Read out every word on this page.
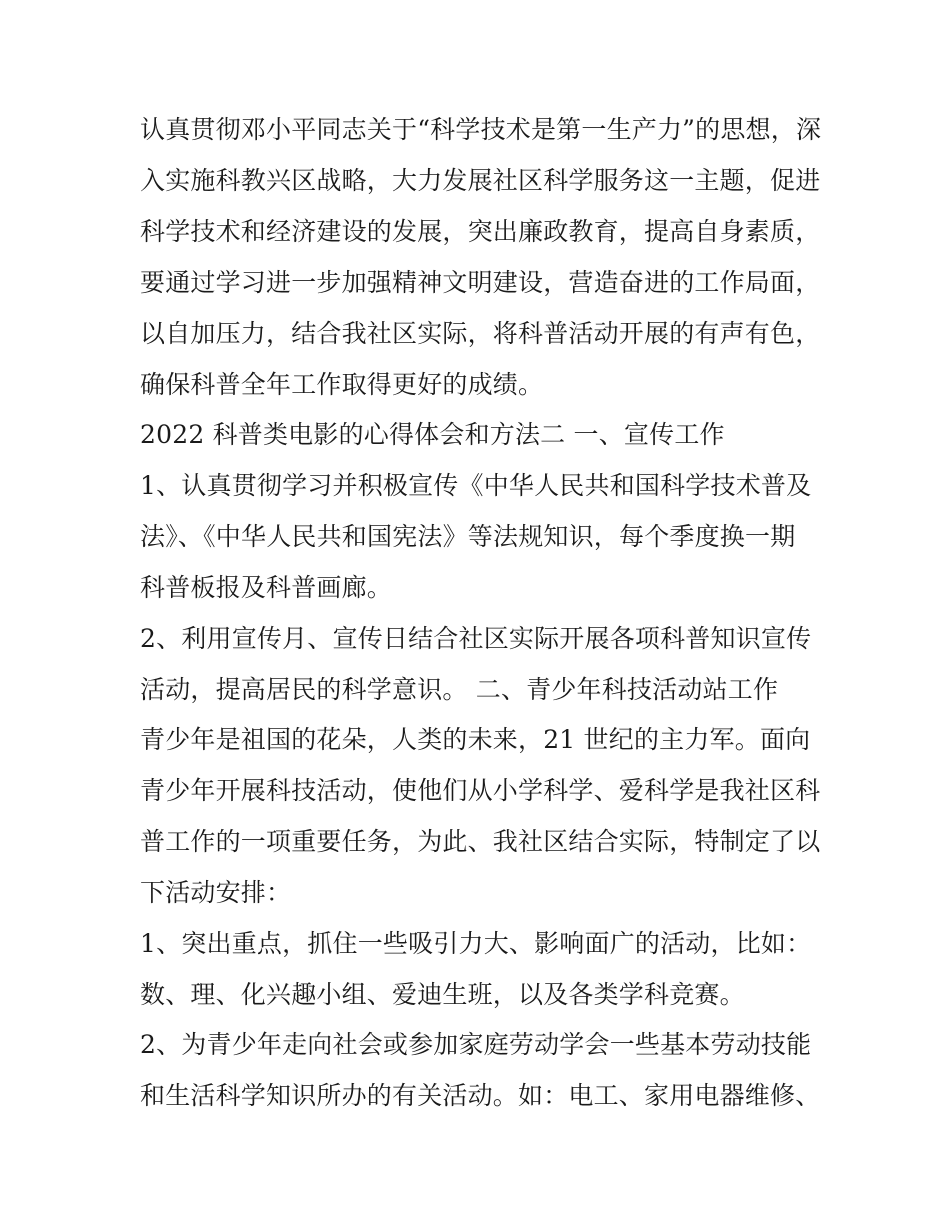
认真贯彻邓小平同志关于“科学技术是第一生产力”的思想，深
入实施科教兴区战略，大力发展社区科学服务这一主题，促进
科学技术和经济建设的发展，突出廉政教育，提高自身素质，
要通过学习进一步加强精神文明建设，营造奋进的工作局面，
以自加压力，结合我社区实际，将科普活动开展的有声有色，
确保科普全年工作取得更好的成绩。
2022 科普类电影的心得体会和方法二 一、宣传工作
1、认真贯彻学习并积极宣传《中华人民共和国科学技术普及
法》、《中华人民共和国宪法》等法规知识，每个季度换一期
科普板报及科普画廊。
2、利用宣传月、宣传日结合社区实际开展各项科普知识宣传
活动，提高居民的科学意识。 二、青少年科技活动站工作
青少年是祖国的花朵，人类的未来，21 世纪的主力军。面向
青少年开展科技活动，使他们从小学科学、爱科学是我社区科
普工作的一项重要任务，为此、我社区结合实际，特制定了以
下活动安排：
1、突出重点，抓住一些吸引力大、影响面广的活动，比如：
数、理、化兴趣小组、爱迪生班，以及各类学科竞赛。
2、为青少年走向社会或参加家庭劳动学会一些基本劳动技能
和生活科学知识所办的有关活动。如：电工、家用电器维修、
